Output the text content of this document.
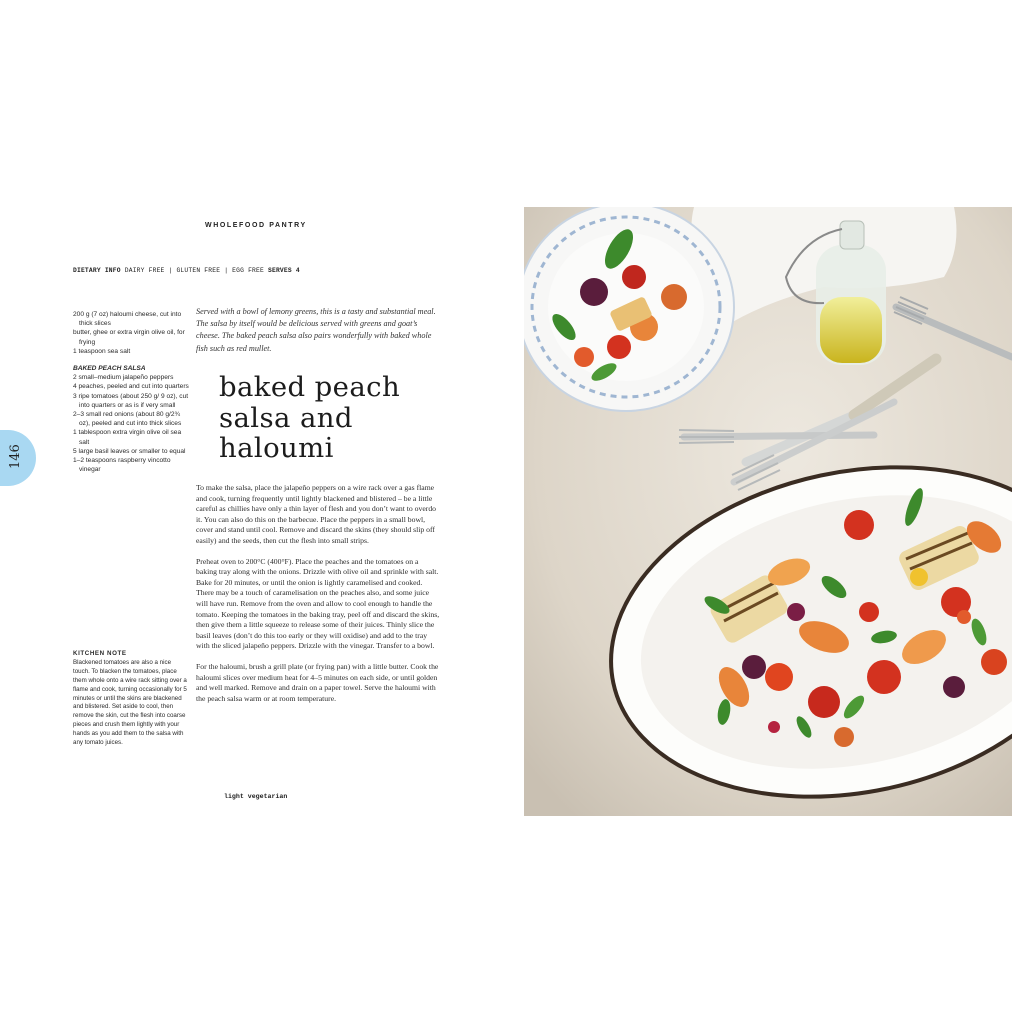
WHOLEFOOD PANTRY
DIETARY INFO DAIRY FREE | GLUTEN FREE | EGG FREE SERVES 4
200 g (7 oz) haloumi cheese, cut into thick slices
butter, ghee or extra virgin olive oil, for frying
1 teaspoon sea salt
BAKED PEACH SALSA
2 small–medium jalapeño peppers
4 peaches, peeled and cut into quarters
3 ripe tomatoes (about 250 g/ 9 oz), cut into quarters or as is if very small
2–3 small red onions (about 80 g/2¾ oz), peeled and cut into thick slices
1 tablespoon extra virgin olive oil sea salt
5 large basil leaves or smaller to equal
1–2 teaspoons raspberry vincotto vinegar
KITCHEN NOTE
Blackened tomatoes are also a nice touch. To blacken the tomatoes, place them whole onto a wire rack sitting over a flame and cook, turning occasionally for 5 minutes or until the skins are blackened and blistered. Set aside to cool, then remove the skin, cut the flesh into coarse pieces and crush them lightly with your hands as you add them to the salsa with any tomato juices.
146
Served with a bowl of lemony greens, this is a tasty and substantial meal. The salsa by itself would be delicious served with greens and goat’s cheese. The baked peach salsa also pairs wonderfully with baked whole fish such as red mullet.
baked peach
salsa and
haloumi

To make the salsa, place the jalapeño peppers on a wire rack over a gas flame and cook, turning frequently until lightly blackened and blistered – be a little careful as chillies have only a thin layer of flesh and you don’t want to overdo it. You can also do this on the barbecue. Place the peppers in a small bowl, cover and stand until cool. Remove and discard the skins (they should slip off easily) and the seeds, then cut the flesh into small strips.

Preheat oven to 200°C (400°F). Place the peaches and the tomatoes on a baking tray along with the onions. Drizzle with olive oil and sprinkle with salt. Bake for 20 minutes, or until the onion is lightly caramelised and cooked. There may be a touch of caramelisation on the peaches also, and some juice will have run. Remove from the oven and allow to cool enough to handle the tomato. Keeping the tomatoes in the baking tray, peel off and discard the skins, then give them a little squeeze to release some of their juices. Thinly slice the basil leaves (don’t do this too early or they will oxidise) and add to the tray with the sliced jalapeño peppers. Drizzle with the vinegar. Transfer to a bowl.

For the haloumi, brush a grill plate (or frying pan) with a little butter. Cook the haloumi slices over medium heat for 4–5 minutes on each side, or until golden and well marked. Remove and drain on a paper towel. Serve the haloumi with the peach salsa warm or at room temperature.

light vegetarian
